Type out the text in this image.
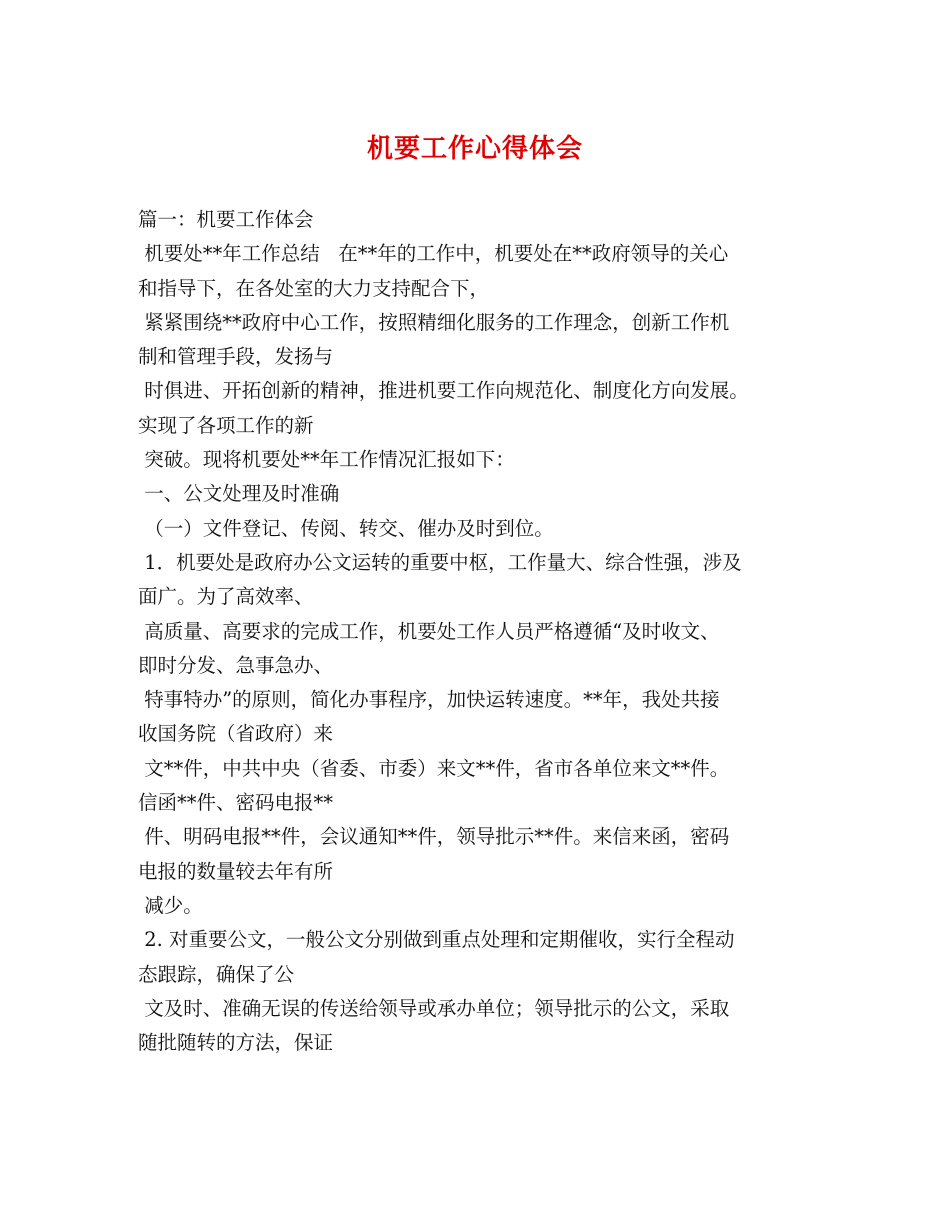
机要工作心得体会
篇一：机要工作体会
机要处**年工作总结   在**年的工作中，机要处在**政府领导的关心
和指导下，在各处室的大力支持配合下，
紧紧围绕**政府中心工作，按照精细化服务的工作理念，创新工作机
制和管理手段，发扬与
时俱进、开拓创新的精神，推进机要工作向规范化、制度化方向发展。
实现了各项工作的新
突破。现将机要处**年工作情况汇报如下：
一、公文处理及时准确
（一）文件登记、传阅、转交、催办及时到位。
1．机要处是政府办公文运转的重要中枢，工作量大、综合性强，涉及
面广。为了高效率、
高质量、高要求的完成工作，机要处工作人员严格遵循“及时收文、
即时分发、急事急办、
特事特办”的原则，简化办事程序，加快运转速度。**年，我处共接
收国务院（省政府）来
文**件，中共中央（省委、市委）来文**件，省市各单位来文**件。
信函**件、密码电报**
件、明码电报**件，会议通知**件，领导批示**件。来信来函，密码
电报的数量较去年有所
减少。
2. 对重要公文，一般公文分别做到重点处理和定期催收，实行全程动
态跟踪，确保了公
文及时、准确无误的传送给领导或承办单位；领导批示的公文，采取
随批随转的方法，保证
